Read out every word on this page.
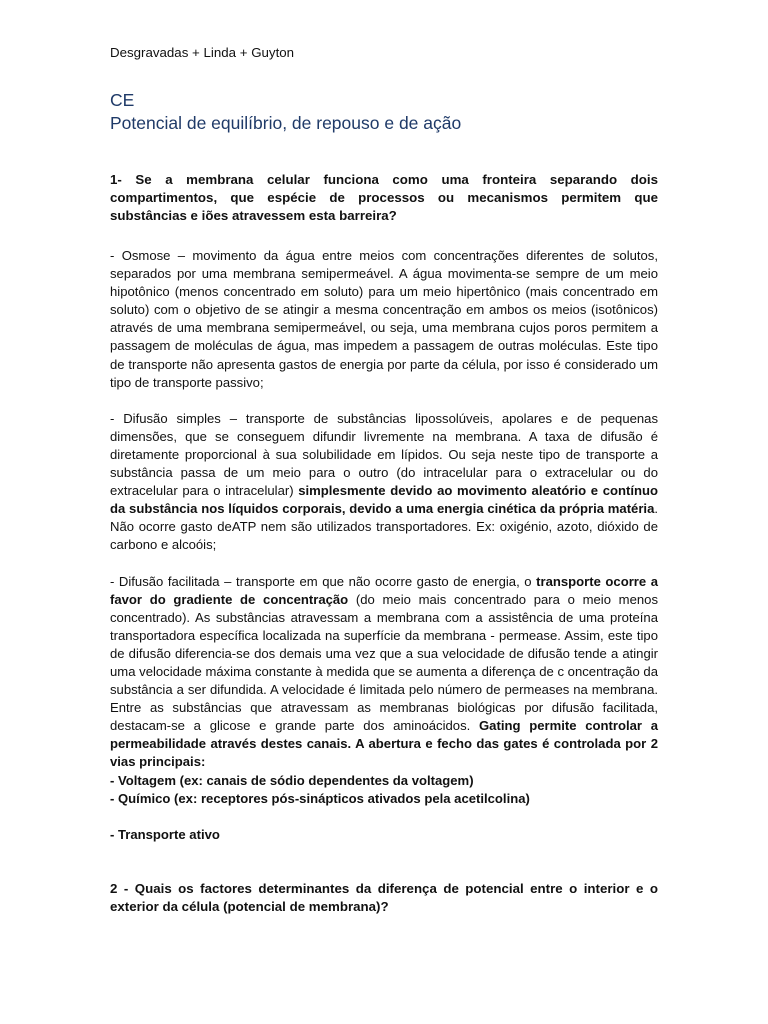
Desgravadas + Linda + Guyton
CE
Potencial de equilíbrio, de repouso e de ação

1- Se a membrana celular funciona como uma fronteira separando dois compartimentos, que espécie de processos ou mecanismos permitem que substâncias e iões atravessem esta barreira?

- Osmose – movimento da água entre meios com concentrações diferentes de solutos, separados por uma membrana semipermeável. A água movimenta-se sempre de um meio hipotônico (menos concentrado em soluto) para um meio hipertônico (mais concentrado em soluto) com o objetivo de se atingir a mesma concentração em ambos os meios (isotônicos) através de uma membrana semipermeável, ou seja, uma membrana cujos poros permitem a passagem de moléculas de água, mas impedem a passagem de outras moléculas. Este tipo de transporte não apresenta gastos de energia por parte da célula, por isso é considerado um tipo de transporte passivo;

- Difusão simples – transporte de substâncias lipossolúveis, apolares e de pequenas dimensões, que se conseguem difundir livremente na membrana. A taxa de difusão é diretamente proporcional à sua solubilidade em lípidos. Ou seja neste tipo de transporte a substância passa de um meio para o outro (do intracelular para o extracelular ou do extracelular para o intracelular) simplesmente devido ao movimento aleatório e contínuo da substância nos líquidos corporais, devido a uma energia cinética da própria matéria. Não ocorre gasto deATP nem são utilizados transportadores. Ex: oxigénio, azoto, dióxido de carbono e alcoóis;

- Difusão facilitada – transporte em que não ocorre gasto de energia, o transporte ocorre a favor do gradiente de concentração (do meio mais concentrado para o meio menos concentrado). As substâncias atravessam a membrana com a assistência de uma proteína transportadora específica localizada na superfície da membrana - permease. Assim, este tipo de difusão diferencia-se dos demais uma vez que a sua velocidade de difusão tende a atingir uma velocidade máxima constante à medida que se aumenta a diferença de c oncentração da substância a ser difundida. A velocidade é limitada pelo número de permeases na membrana. Entre as substâncias que atravessam as membranas biológicas por difusão facilitada, destacam-se a glicose e grande parte dos aminoácidos. Gating permite controlar a permeabilidade através destes canais. A abertura e fecho das gates é controlada por 2 vias principais:

- Voltagem (ex: canais de sódio dependentes da voltagem)

- Químico (ex: receptores pós-sinápticos ativados pela acetilcolina)

- Transporte ativo

2 - Quais os factores determinantes da diferença de potencial entre o interior e o exterior da célula (potencial de membrana)?
